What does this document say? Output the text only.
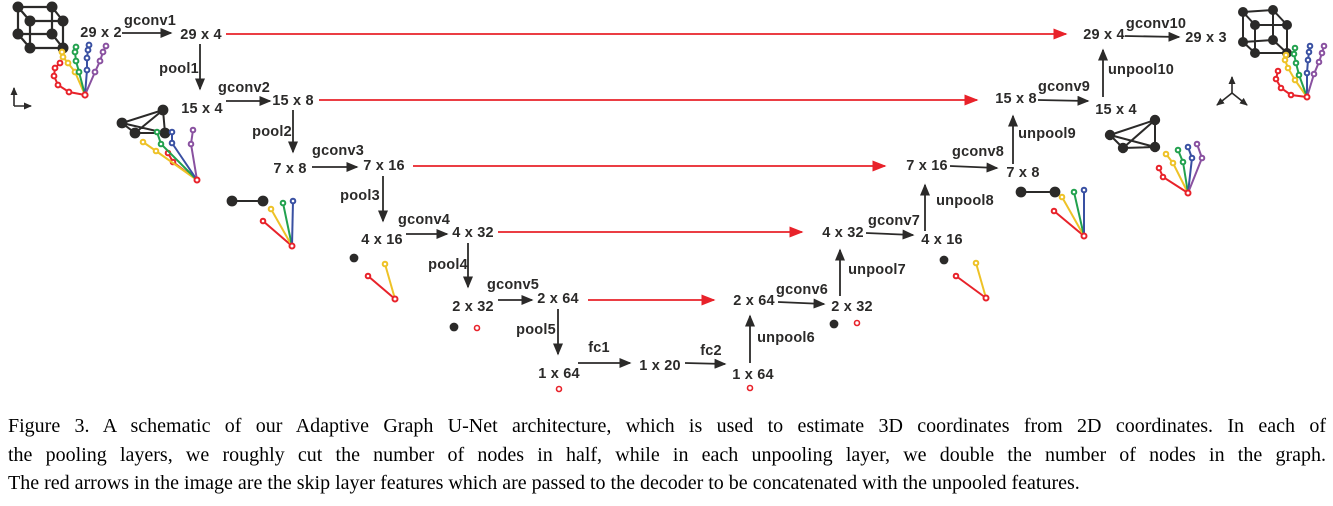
29 x 2	29 x 4
15 x 4	15 x 8
7 x 8	7 x 16
4 x 16	4 x 32
2 x 32	2 x 64
1 x 64	1 x 20
1 x 64
2 x 64	2 x 32
4 x 32	4 x 16
7 x 16	7 x 8
15 x 8
15 x 4
29 x 4	29 x 3
gconv1
pool1
gconv2
pool2
gconv3
pool3
gconv4
pool4
gconv5
pool5
fc1	fc2
unpool6
gconv6
unpool7
gconv7
unpool8
gconv8
unpool9
gconv9
unpool10
gconv10
Figure 3. A schematic of our Adaptive Graph U-Net architecture, which is used to estimate 3D coordinates from 2D coordinates. In each of
the pooling layers, we roughly cut the number of nodes in half, while in each unpooling layer, we double the number of nodes in the graph.
The red arrows in the image are the skip layer features which are passed to the decoder to be concatenated with the unpooled features.
